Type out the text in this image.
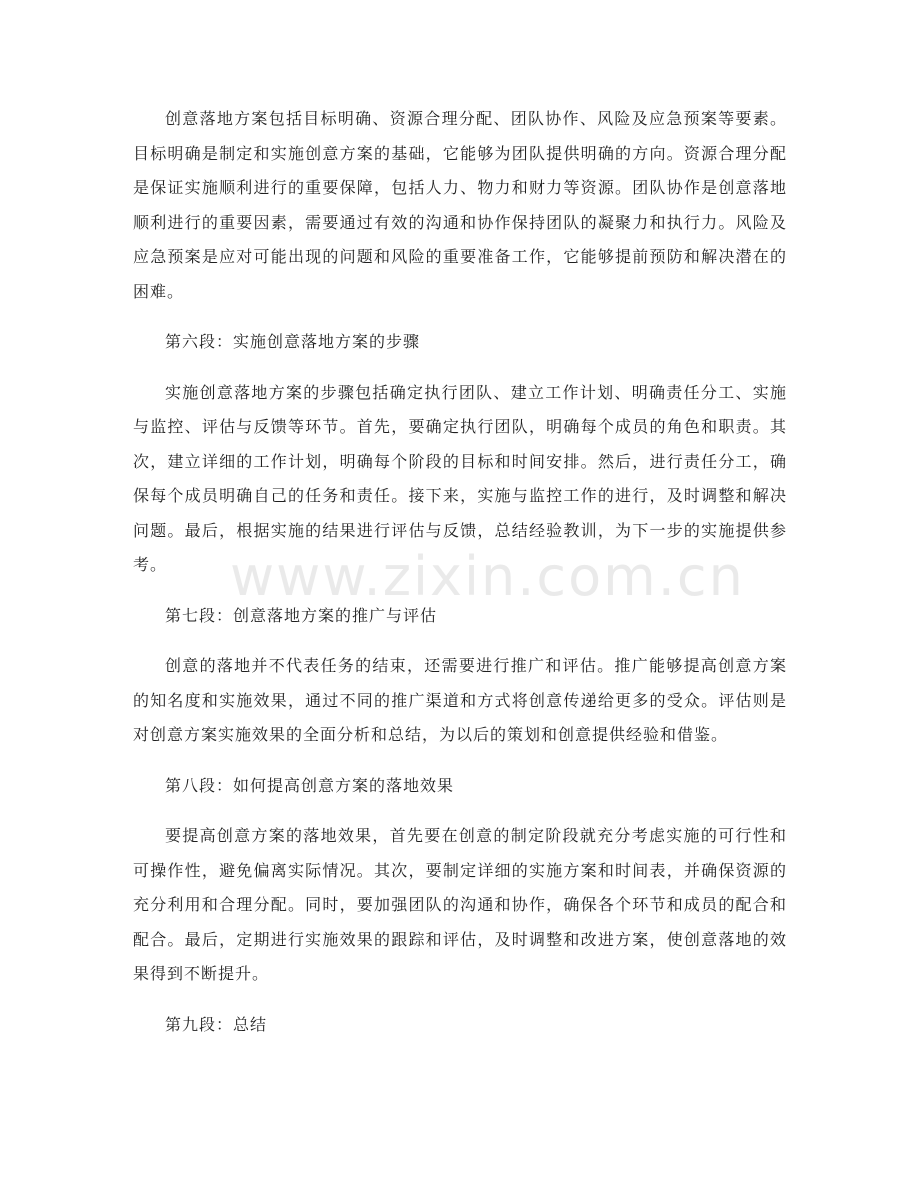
创意落地方案包括目标明确、资源合理分配、团队协作、风险及应急预案等要素。目标明确是制定和实施创意方案的基础，它能够为团队提供明确的方向。资源合理分配是保证实施顺利进行的重要保障，包括人力、物力和财力等资源。团队协作是创意落地顺利进行的重要因素，需要通过有效的沟通和协作保持团队的凝聚力和执行力。风险及应急预案是应对可能出现的问题和风险的重要准备工作，它能够提前预防和解决潜在的困难。

第六段：实施创意落地方案的步骤

实施创意落地方案的步骤包括确定执行团队、建立工作计划、明确责任分工、实施与监控、评估与反馈等环节。首先，要确定执行团队，明确每个成员的角色和职责。其次，建立详细的工作计划，明确每个阶段的目标和时间安排。然后，进行责任分工，确保每个成员明确自己的任务和责任。接下来，实施与监控工作的进行，及时调整和解决问题。最后，根据实施的结果进行评估与反馈，总结经验教训，为下一步的实施提供参考。

第七段：创意落地方案的推广与评估

创意的落地并不代表任务的结束，还需要进行推广和评估。推广能够提高创意方案的知名度和实施效果，通过不同的推广渠道和方式将创意传递给更多的受众。评估则是对创意方案实施效果的全面分析和总结，为以后的策划和创意提供经验和借鉴。

第八段：如何提高创意方案的落地效果

要提高创意方案的落地效果，首先要在创意的制定阶段就充分考虑实施的可行性和可操作性，避免偏离实际情况。其次，要制定详细的实施方案和时间表，并确保资源的充分利用和合理分配。同时，要加强团队的沟通和协作，确保各个环节和成员的配合和配合。最后，定期进行实施效果的跟踪和评估，及时调整和改进方案，使创意落地的效果得到不断提升。

第九段：总结

www.zixin.com.cn
